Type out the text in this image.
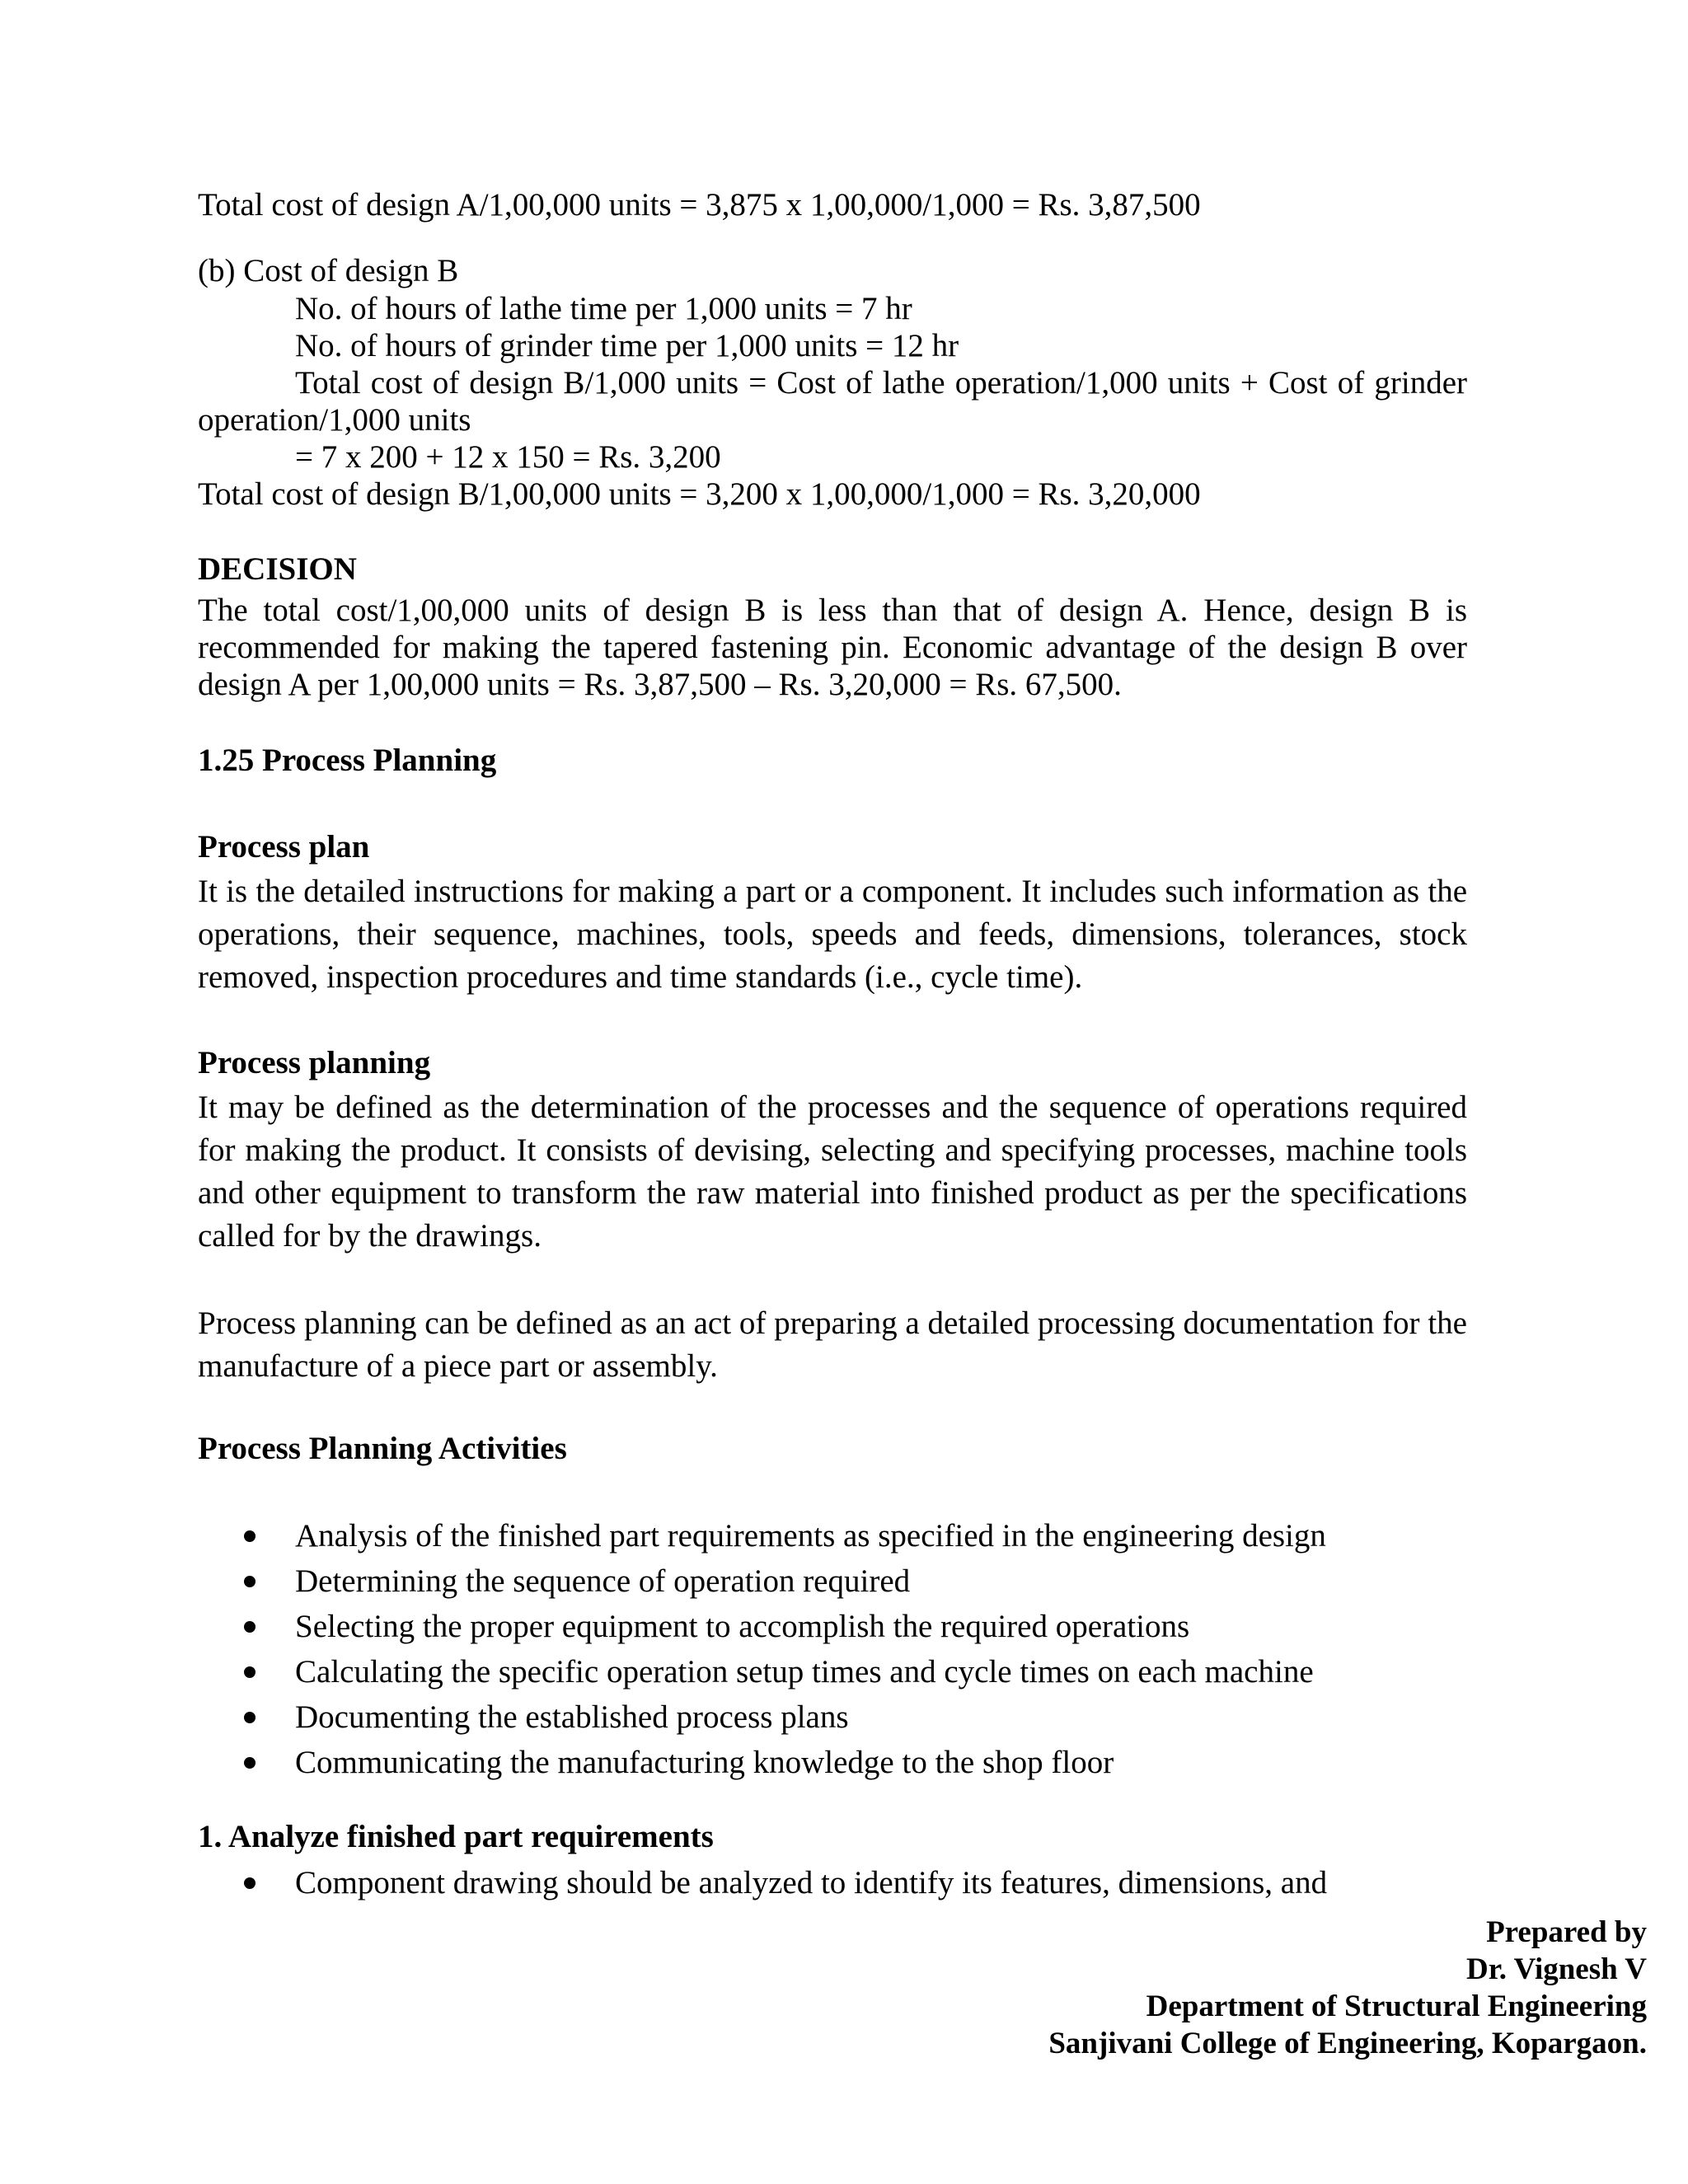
Total cost of design A/1,00,000 units = 3,875 x 1,00,000/1,000 = Rs. 3,87,500
(b) Cost of design B
No. of hours of lathe time per 1,000 units = 7 hr
No. of hours of grinder time per 1,000 units = 12 hr
Total cost of design B/1,000 units = Cost of lathe operation/1,000 units + Cost of grinder
operation/1,000 units
= 7 x 200 + 12 x 150 = Rs. 3,200
Total cost of design B/1,00,000 units = 3,200 x 1,00,000/1,000 = Rs. 3,20,000
DECISION
The total cost/1,00,000 units of design B is less than that of design A. Hence, design B is
recommended for making the tapered fastening pin. Economic advantage of the design B over
design A per 1,00,000 units = Rs. 3,87,500 – Rs. 3,20,000 = Rs. 67,500.
1.25 Process Planning
Process plan
It is the detailed instructions for making a part or a component. It includes such information as the operations, their sequence, machines, tools, speeds and feeds, dimensions, tolerances, stock removed, inspection procedures and time standards (i.e., cycle time).
Process planning
It may be defined as the determination of the processes and the sequence of operations required for making the product. It consists of devising, selecting and specifying processes, machine tools and other equipment to transform the raw material into finished product as per the specifications called for by the drawings.
Process planning can be defined as an act of preparing a detailed processing documentation for the manufacture of a piece part or assembly.
Process Planning Activities
Analysis of the finished part requirements as specified in the engineering design
Determining the sequence of operation required
Selecting the proper equipment to accomplish the required operations
Calculating the specific operation setup times and cycle times on each machine
Documenting the established process plans
Communicating the manufacturing knowledge to the shop floor
1. Analyze finished part requirements
Component drawing should be analyzed to identify its features, dimensions, and
Prepared by
Dr. Vignesh V
Department of Structural Engineering
Sanjivani College of Engineering, Kopargaon.
